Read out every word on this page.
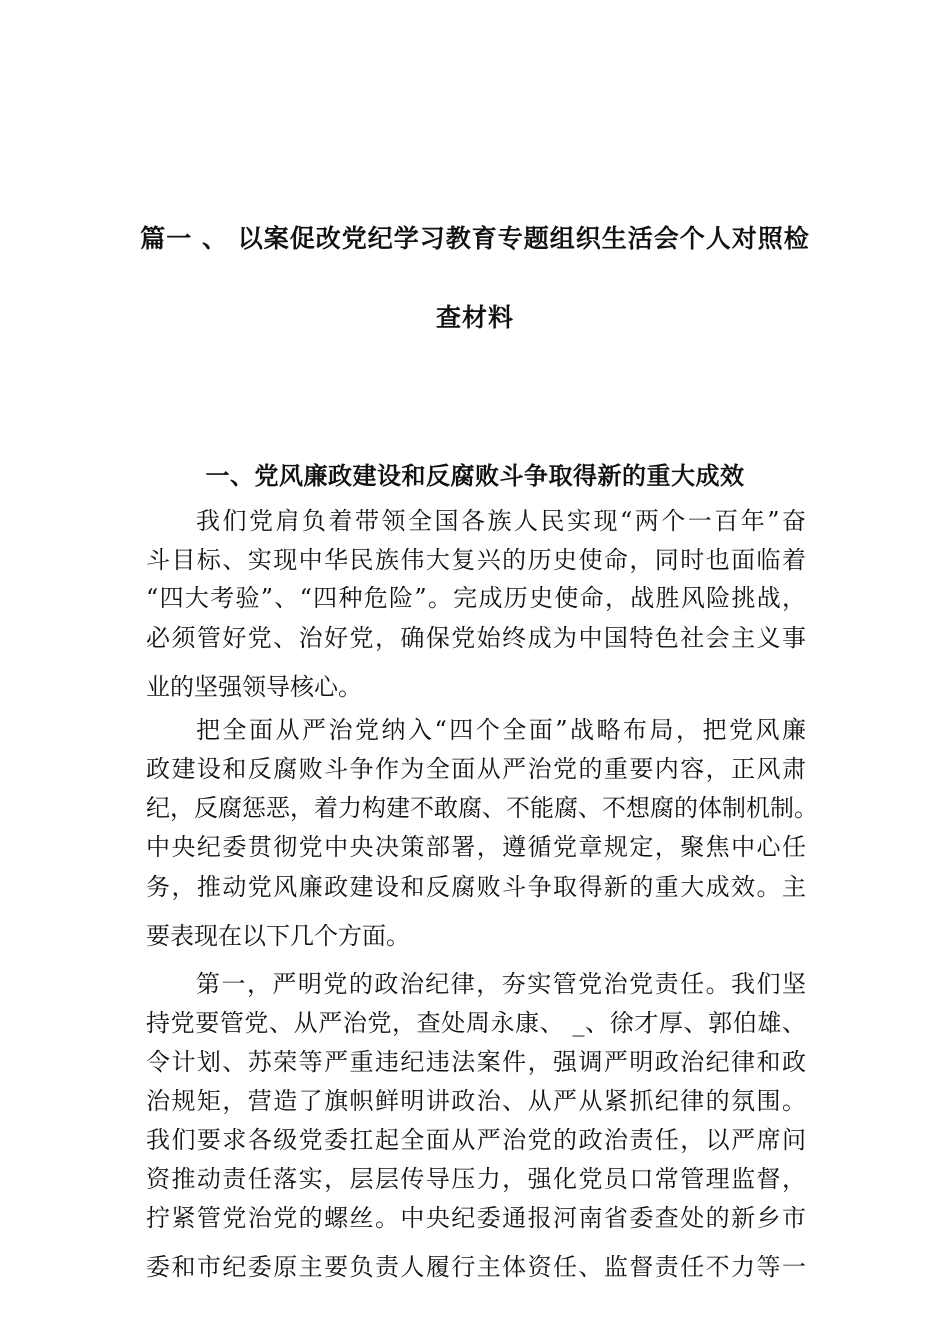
篇一 、 以案促改党纪学习教育专题组织生活会个人对照检
查材料
一、党风廉政建设和反腐败斗争取得新的重大成效
我们党肩负着带领全国各族人民实现“两个一百年”奋
斗目标、实现中华民族伟大复兴的历史使命，同时也面临着
“四大考验”、“四种危险”。完成历史使命，战胜风险挑战，
必须管好党、治好党，确保党始终成为中国特色社会主义事
业的坚强领导核心。
把全面从严治党纳入“四个全面”战略布局，把党风廉
政建设和反腐败斗争作为全面从严治党的重要内容，正风肃
纪，反腐惩恶，着力构建不敢腐、不能腐、不想腐的体制机制。
中央纪委贯彻党中央决策部署，遵循党章规定，聚焦中心任
务，推动党风廉政建设和反腐败斗争取得新的重大成效。主
要表现在以下几个方面。
第一，严明党的政治纪律，夯实管党治党责任。我们坚
持党要管党、从严治党，查处周永康、 _、徐才厚、郭伯雄、
令计划、苏荣等严重违纪违法案件，强调严明政治纪律和政
治规矩，营造了旗帜鲜明讲政治、从严从紧抓纪律的氛围。
我们要求各级党委扛起全面从严治党的政治责任，以严席问
资推动责任落实，层层传导压力，强化党员口常管理监督，
拧紧管党治党的螺丝。中央纪委通报河南省委查处的新乡市
委和市纪委原主要负责人履行主体资任、监督责任不力等一
